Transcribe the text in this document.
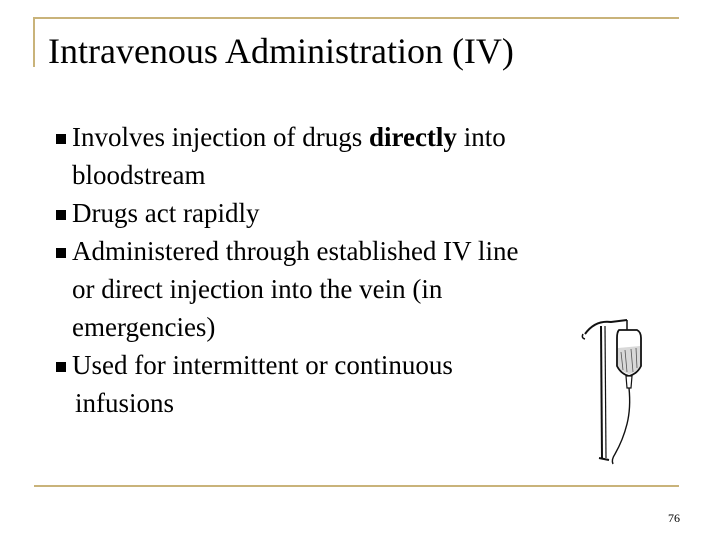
Intravenous Administration (IV)
Involves injection of drugs directly into
bloodstream
Drugs act rapidly
Administered through established IV line
or direct injection into the vein (in
emergencies)
Used for intermittent or continuous
infusions
76
